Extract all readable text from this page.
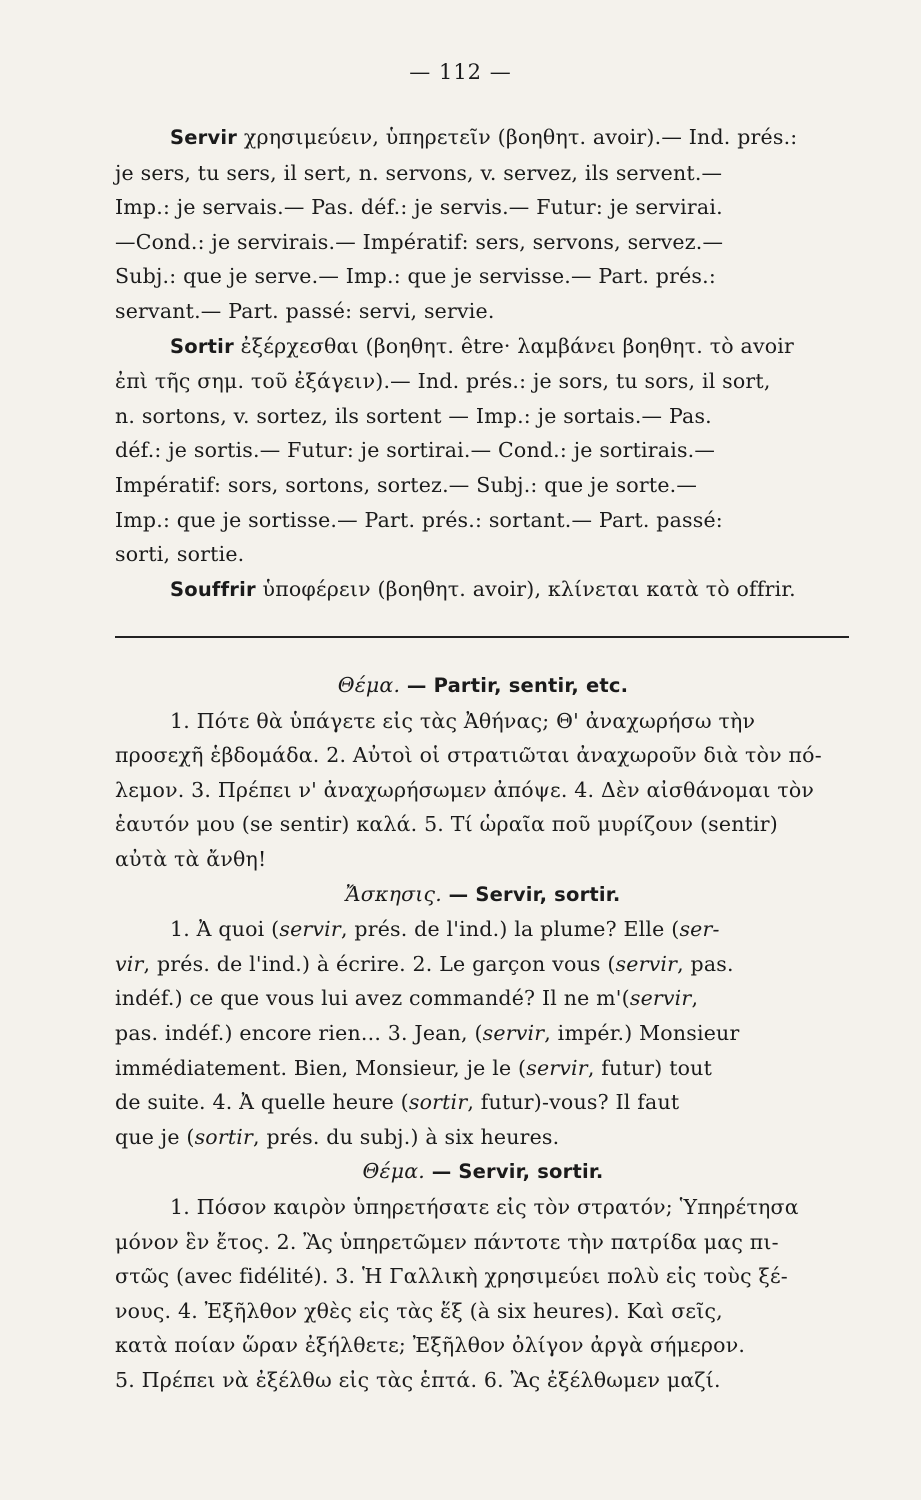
— 112 —

Servir χρησιμεύειν, ὑπηρετεῖν (βοηθητ. avoir).— Ind. prés.:

je sers, tu sers, il sert, n. servons, v. servez, ils servent.—

Imp.: je servais.— Pas. déf.: je servis.— Futur: je servirai.

—Cond.: je servirais.— Impératif: sers, servons, servez.—

Subj.: que je serve.— Imp.: que je servisse.— Part. prés.:

servant.— Part. passé: servi, servie.

Sortir ἐξέρχεσθαι (βοηθητ. être· λαμβάνει βοηθητ. τὸ avoir

ἐπὶ τῆς σημ. τοῦ ἐξάγειν).— Ind. prés.: je sors, tu sors, il sort,

n. sortons, v. sortez, ils sortent — Imp.: je sortais.— Pas.

déf.: je sortis.— Futur: je sortirai.— Cond.: je sortirais.—

Impératif: sors, sortons, sortez.— Subj.: que je sorte.—

Imp.: que je sortisse.— Part. prés.: sortant.— Part. passé:

sorti, sortie.

Souffrir ὑποφέρειν (βοηθητ. avoir), κλίνεται κατὰ τὸ offrir.

Θέμα. — Partir, sentir, etc.

1. Πότε θὰ ὑπάγετε εἰς τὰς Ἀθήνας; Θ' ἀναχωρήσω τὴν

προσεχῆ ἑβδομάδα. 2. Αὐτοὶ οἱ στρατιῶται ἀναχωροῦν διὰ τὸν πό-

λεμον. 3. Πρέπει ν' ἀναχωρήσωμεν ἀπόψε. 4. Δὲν αἰσθάνομαι τὸν

ἑαυτόν μου (se sentir) καλά. 5. Τί ὡραῖα ποῦ μυρίζουν (sentir)

αὐτὰ τὰ ἄνθη!

Ἄσκησις. — Servir, sortir.

1. Ἀ quoi (servir, prés. de l'ind.) la plume? Elle (ser-

vir, prés. de l'ind.) à écrire. 2. Le garçon vous (servir, pas.

indéf.) ce que vous lui avez commandé? Il ne m'(servir,

pas. indéf.) encore rien... 3. Jean, (servir, impér.) Monsieur

immédiatement. Bien, Monsieur, je le (servir, futur) tout

de suite. 4. Ἀ quelle heure (sortir, futur)-vous? Il faut

que je (sortir, prés. du subj.) à six heures.

Θέμα. — Servir, sortir.

1. Πόσον καιρὸν ὑπηρετήσατε εἰς τὸν στρατόν; Ὑπηρέτησα

μόνον ἓν ἔτος. 2. Ἂς ὑπηρετῶμεν πάντοτε τὴν πατρίδα μας πι-

στῶς (avec fidélité). 3. Ἡ Γαλλικὴ χρησιμεύει πολὺ εἰς τοὺς ξέ-

νους. 4. Ἐξῆλθον χθὲς εἰς τὰς ἕξ (à six heures). Καὶ σεῖς,

κατὰ ποίαν ὥραν ἐξήλθετε; Ἐξῆλθον ὀλίγον ἀργὰ σήμερον.

5. Πρέπει νὰ ἐξέλθω εἰς τὰς ἑπτά. 6. Ἂς ἐξέλθωμεν μαζί.
